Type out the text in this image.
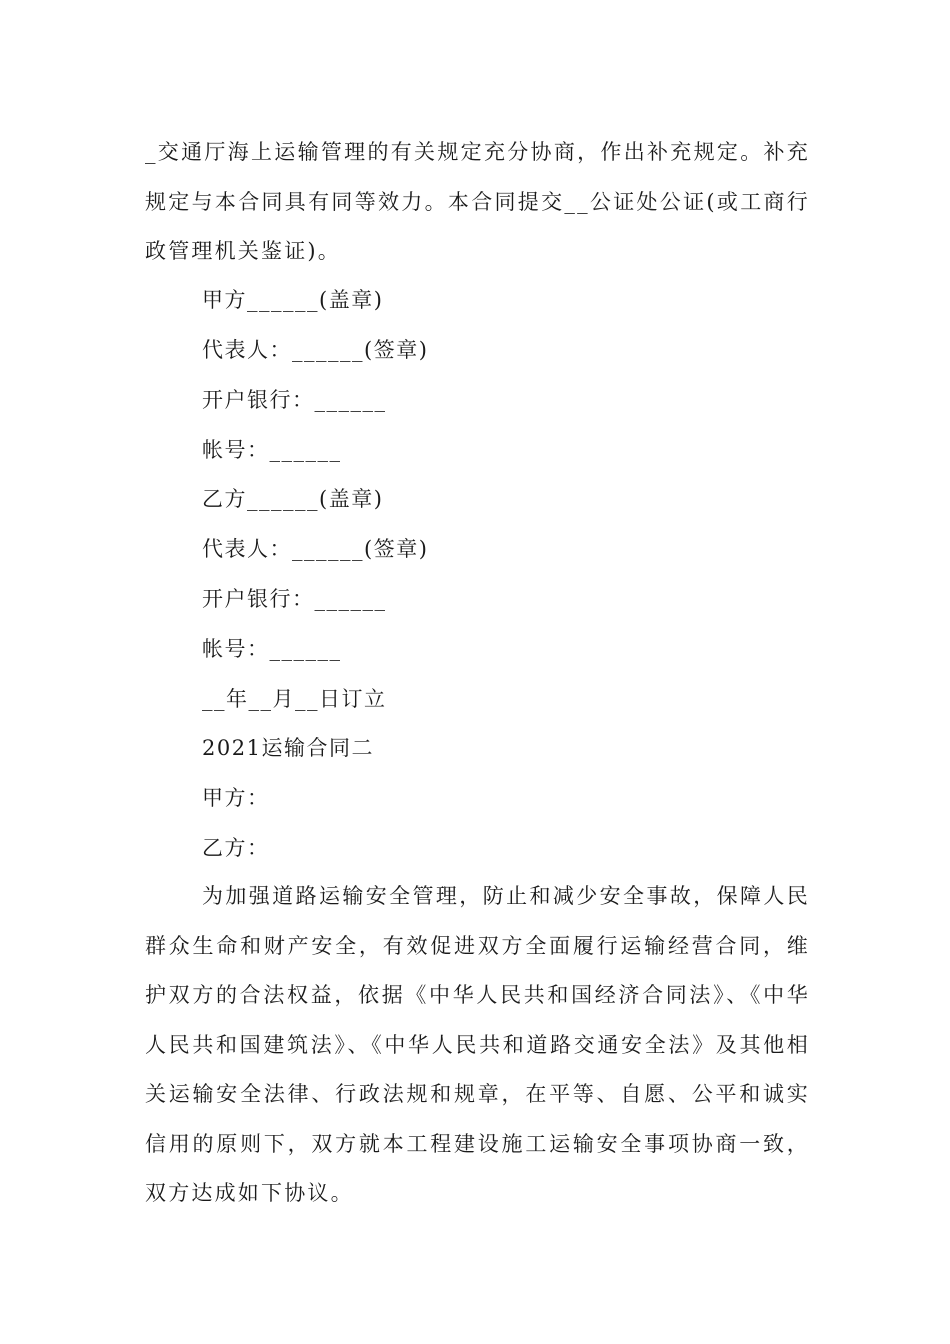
_交通厅海上运输管理的有关规定充分协商，作出补充规定。补充规定与本合同具有同等效力。本合同提交__公证处公证(或工商行政管理机关鉴证)。

甲方______(盖章)

代表人：______(签章)

开户银行：______

帐号：______

乙方______(盖章)

代表人：______(签章)

开户银行：______

帐号：______

__年__月__日订立

2021运输合同二

甲方：

乙方：

为加强道路运输安全管理，防止和减少安全事故，保障人民群众生命和财产安全，有效促进双方全面履行运输经营合同，维护双方的合法权益，依据《中华人民共和国经济合同法》、《中华人民共和国建筑法》、《中华人民共和道路交通安全法》及其他相关运输安全法律、行政法规和规章，在平等、自愿、公平和诚实信用的原则下，双方就本工程建设施工运输安全事项协商一致，双方达成如下协议。
